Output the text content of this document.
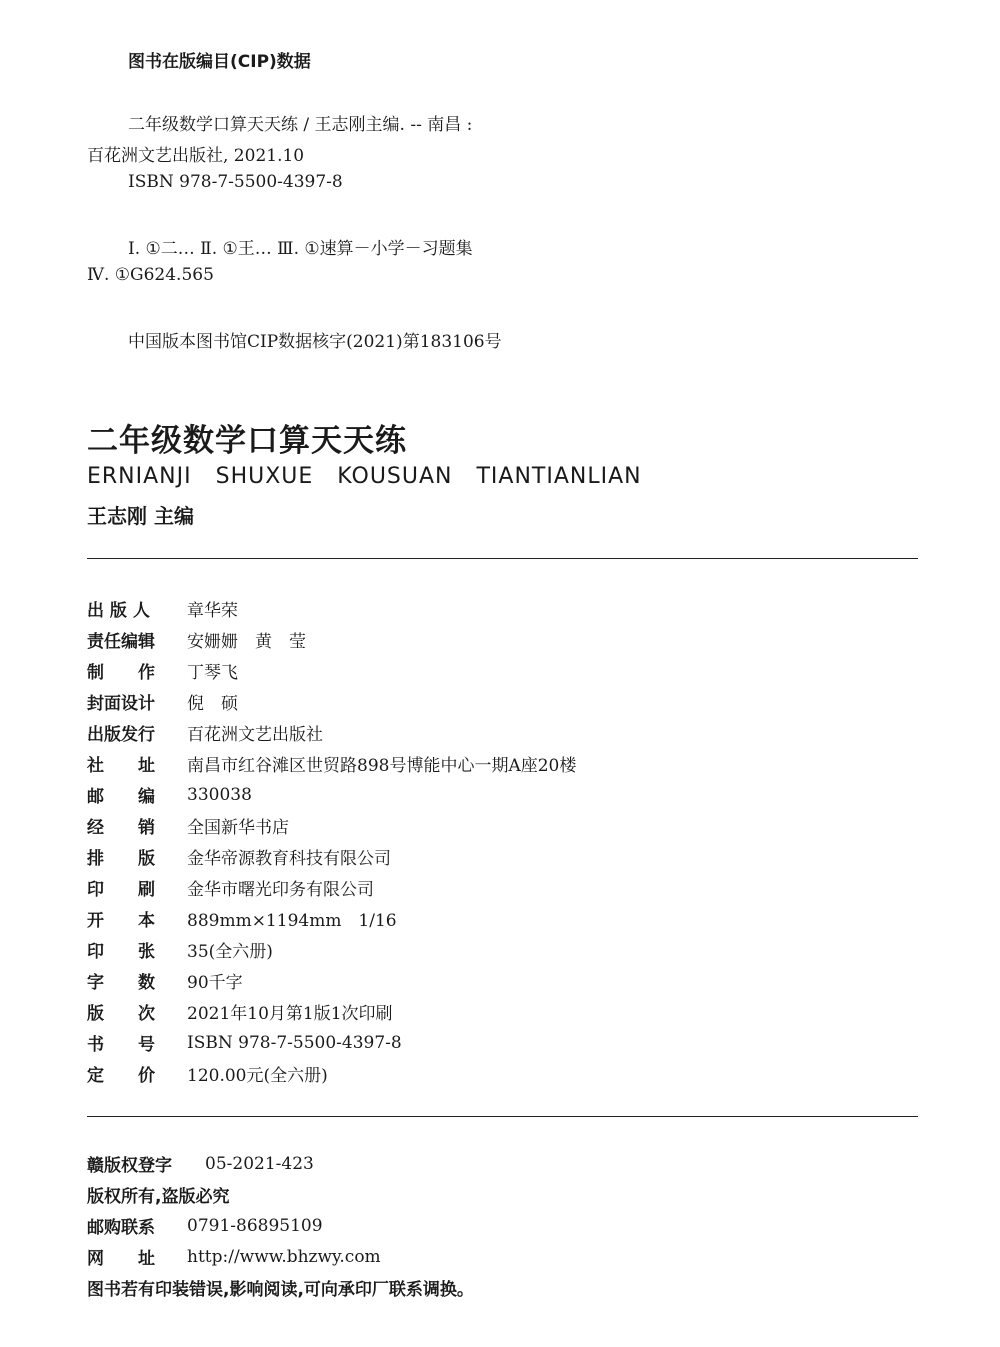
图书在版编目(CIP)数据
二年级数学口算天天练 / 王志刚主编. -- 南昌 :
百花洲文艺出版社, 2021.10
ISBN 978-7-5500-4397-8
Ⅰ. ①二… Ⅱ. ①王… Ⅲ. ①速算－小学－习题集
Ⅳ. ①G624.565
中国版本图书馆CIP数据核字(2021)第183106号
二年级数学口算天天练
ERNIANJI SHUXUE KOUSUAN TIANTIANLIAN
王志刚 主编
出 版 人	章华荣
责任编辑	安姗姗　黄　莹
制　　作	丁琴飞
封面设计	倪　硕
出版发行	百花洲文艺出版社
社　　址	南昌市红谷滩区世贸路898号博能中心一期A座20楼
邮　　编	330038
经　　销	全国新华书店
排　　版	金华帝源教育科技有限公司
印　　刷	金华市曙光印务有限公司
开　　本	889mm×1194mm　1/16
印　　张	35(全六册)
字　　数	90千字
版　　次	2021年10月第1版1次印刷
书　　号	ISBN 978-7-5500-4397-8
定　　价	120.00元(全六册)
赣版权登字	05-2021-423
版权所有,盗版必究
邮购联系	0791-86895109
网　　址	http://www.bhzwy.com
图书若有印装错误,影响阅读,可向承印厂联系调换。
